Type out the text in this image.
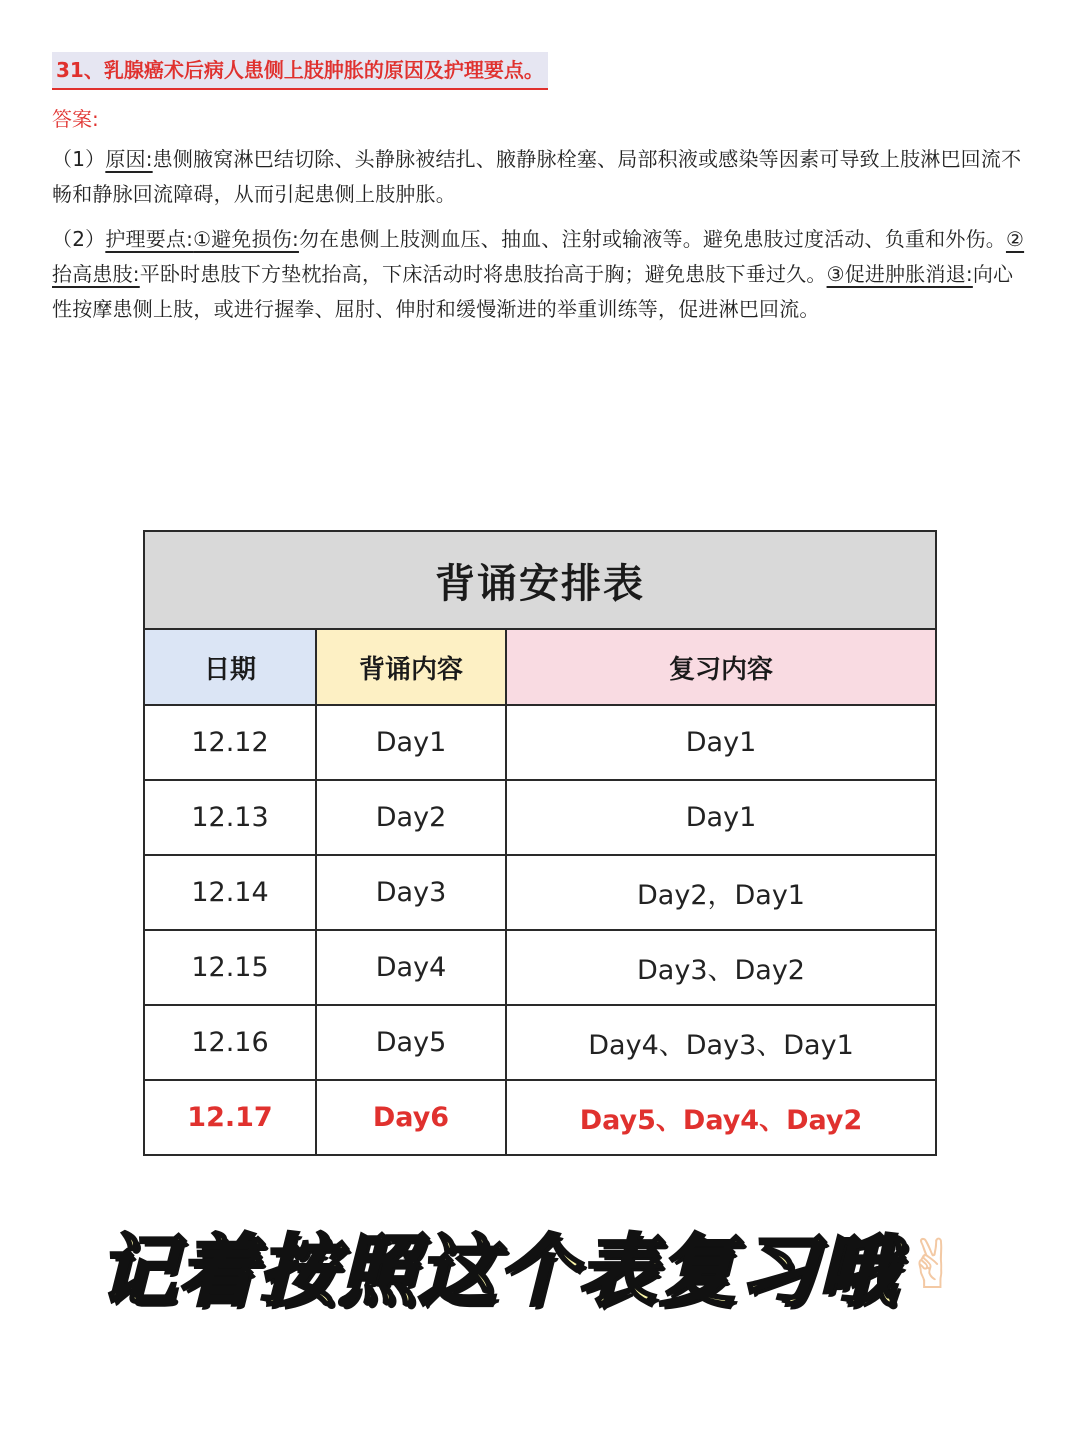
31、乳腺癌术后病人患侧上肢肿胀的原因及护理要点。
答案:
（1）原因:患侧腋窝淋巴结切除、头静脉被结扎、腋静脉栓塞、局部积液或感染等因素可导致上肢淋巴回流不畅和静脉回流障碍，从而引起患侧上肢肿胀。
（2）护理要点:①避免损伤:勿在患侧上肢测血压、抽血、注射或输液等。避免患肢过度活动、负重和外伤。②抬高患肢:平卧时患肢下方垫枕抬高，下床活动时将患肢抬高于胸；避免患肢下垂过久。③促进肿胀消退:向心性按摩患侧上肢，或进行握拳、屈肘、伸肘和缓慢渐进的举重训练等，促进淋巴回流。
背诵安排表		
日期	背诵内容	复习内容
12.12	Day1	Day1
12.13	Day2	Day1
12.14	Day3	Day2，Day1
12.15	Day4	Day3、Day2
12.16	Day5	Day4、Day3、Day1
12.17	Day6	Day5、Day4、Day2
记着按照这个表复习哦 ✌
